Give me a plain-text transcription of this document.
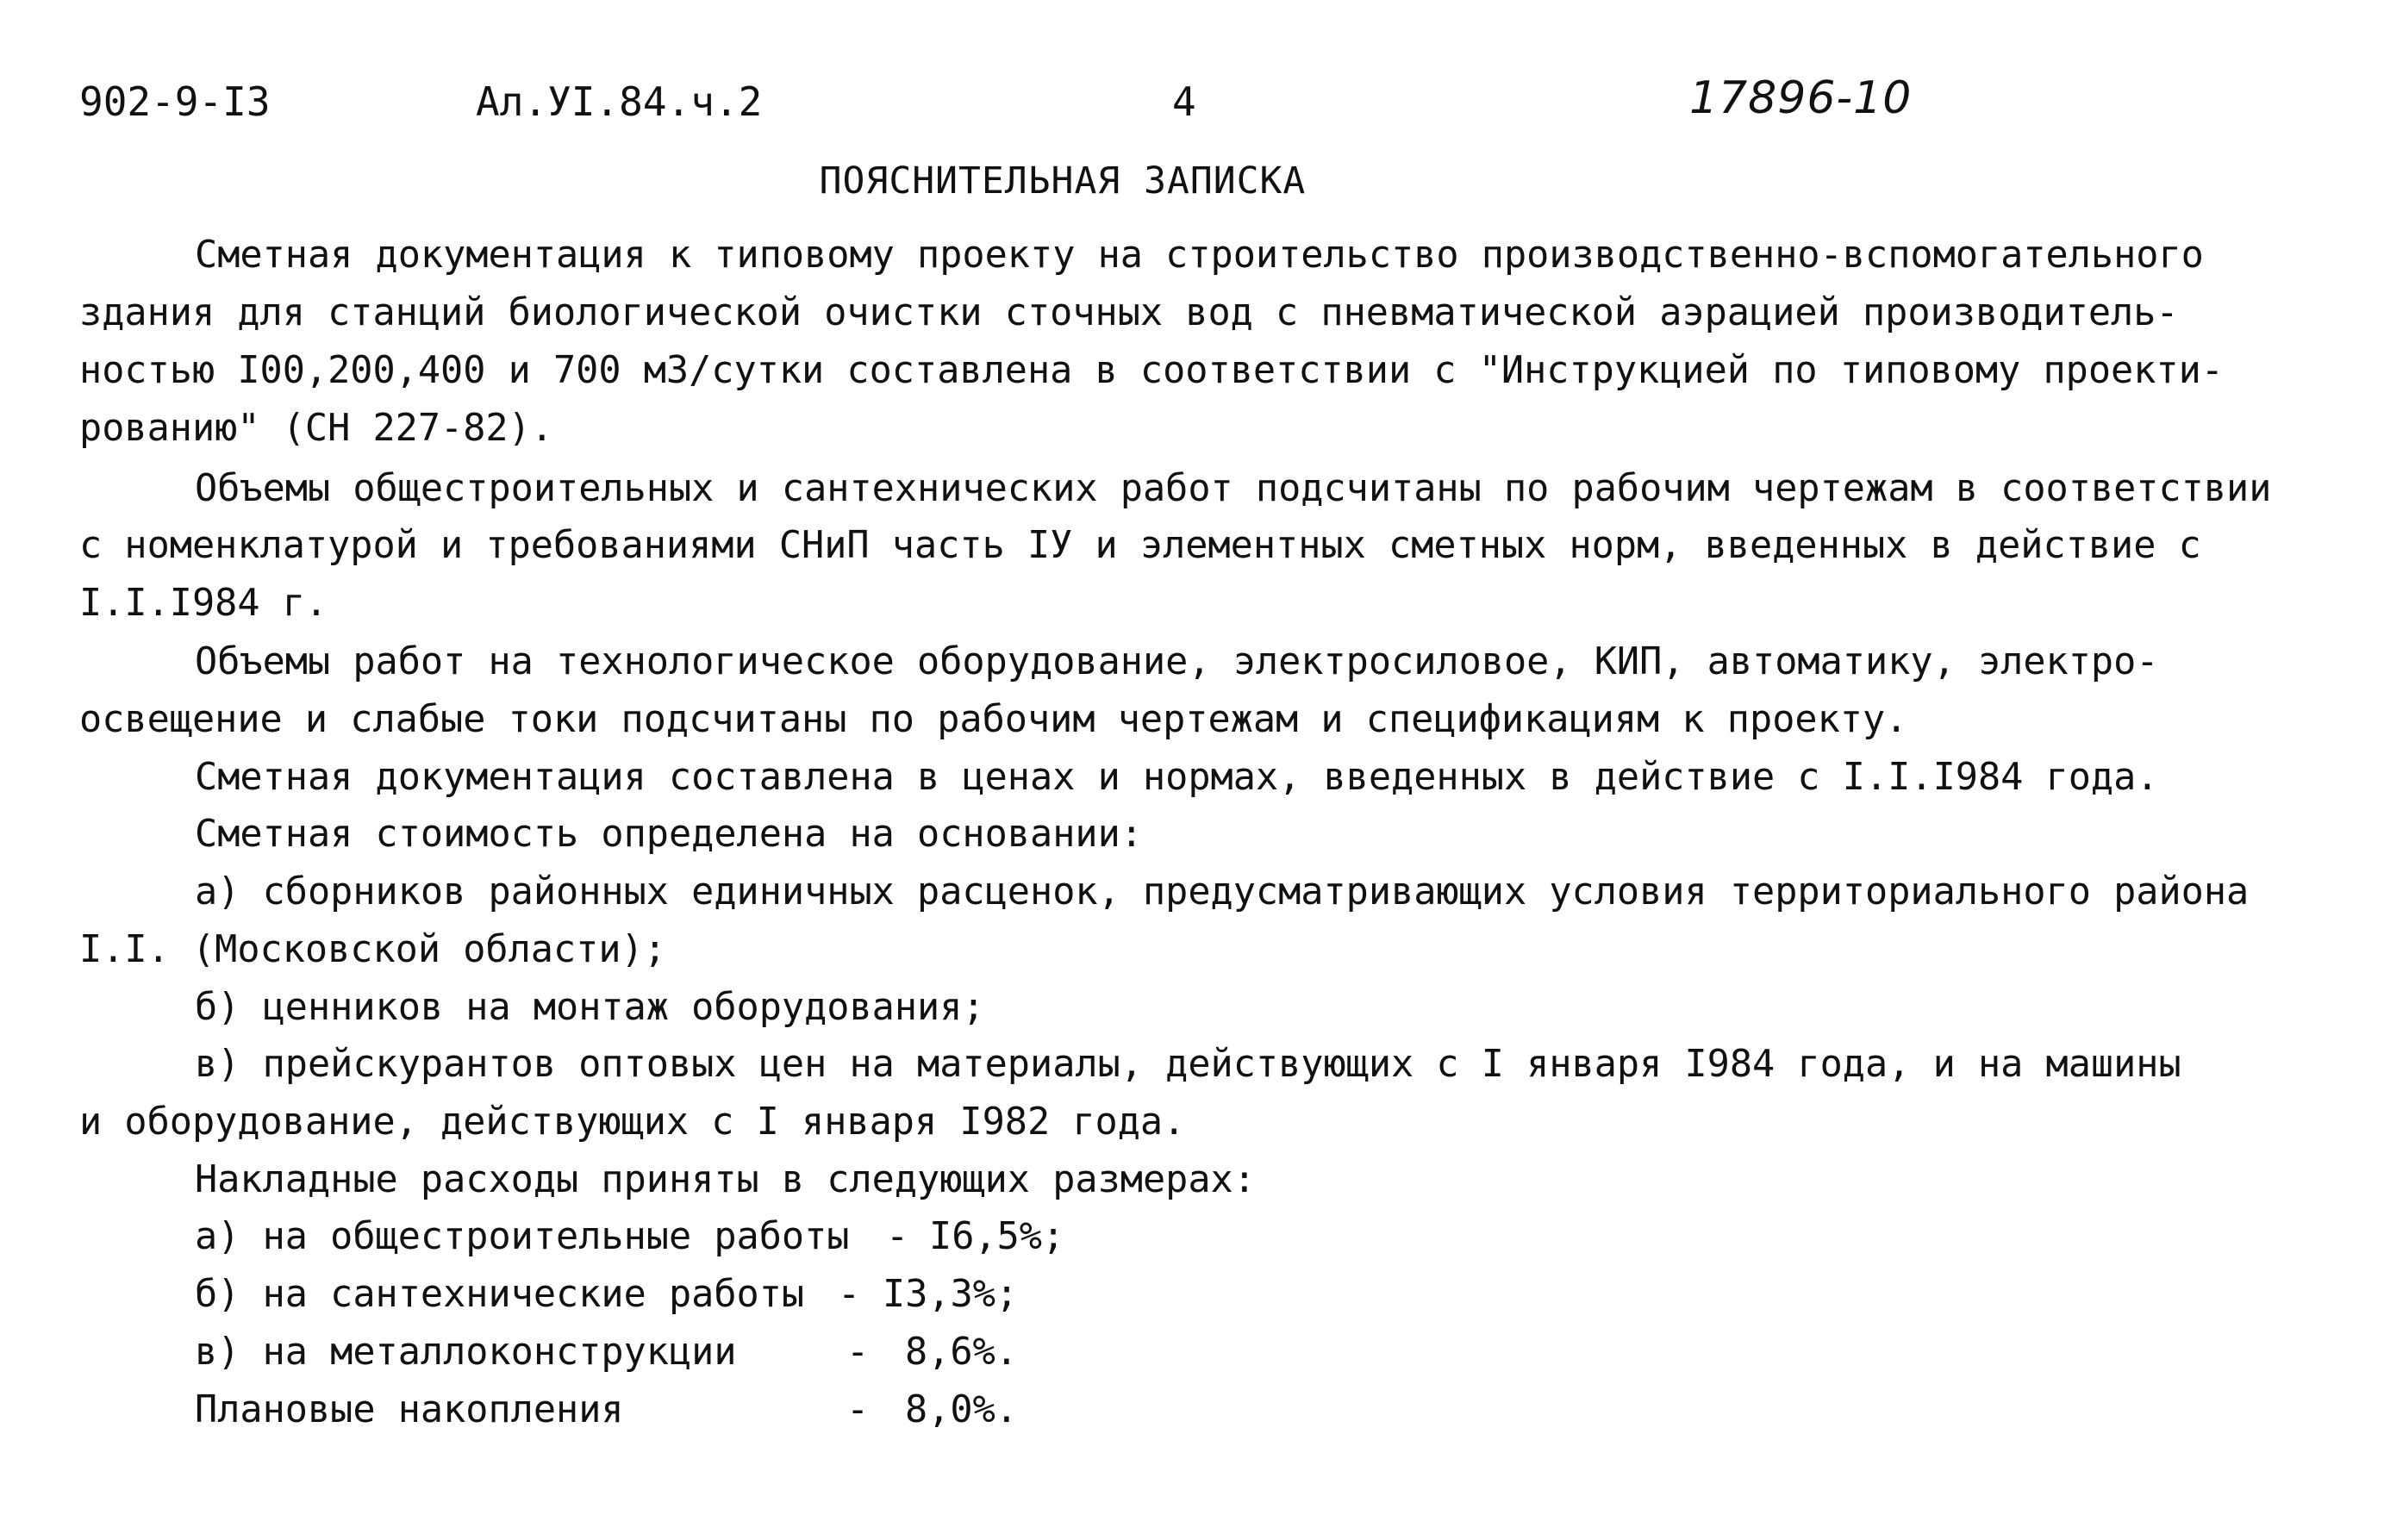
902-9-I3	Ал.УI.84.ч.2	4	17896-10
ПОЯСНИТЕЛЬНАЯ ЗАПИСКА
Сметная документация к типовому проекту на строительство производственно-вспомогательного
здания для станций биологической очистки сточных вод с пневматической аэрацией производитель-
ностью I00,200,400 и 700 м3/сутки составлена в соответствии с "Инструкцией по типовому проекти-
рованию" (СН 227-82).
Объемы общестроительных и сантехнических работ подсчитаны по рабочим чертежам в соответствии
с номенклатурой и требованиями СНиП часть IУ и элементных сметных норм, введенных в действие с
I.I.I984 г.
Объемы работ на технологическое оборудование, электросиловое, КИП, автоматику, электро-
освещение и слабые токи подсчитаны по рабочим чертежам и спецификациям к проекту.
Сметная документация составлена в ценах и нормах, введенных в действие с I.I.I984 года.
Сметная стоимость определена на основании:
а) сборников районных единичных расценок, предусматривающих условия территориального района
I.I. (Московской области);
б) ценников на монтаж оборудования;
в) прейскурантов оптовых цен на материалы, действующих с I января I984 года, и на машины
и оборудование, действующих с I января I982 года.
Накладные расходы приняты в следующих размерах:
а) на общестроительные работы - I6,5%;
б) на сантехнические работы - I3,3%;
в) на металлоконструкции	- 8,6%.
Плановые накопления	- 8,0%.
